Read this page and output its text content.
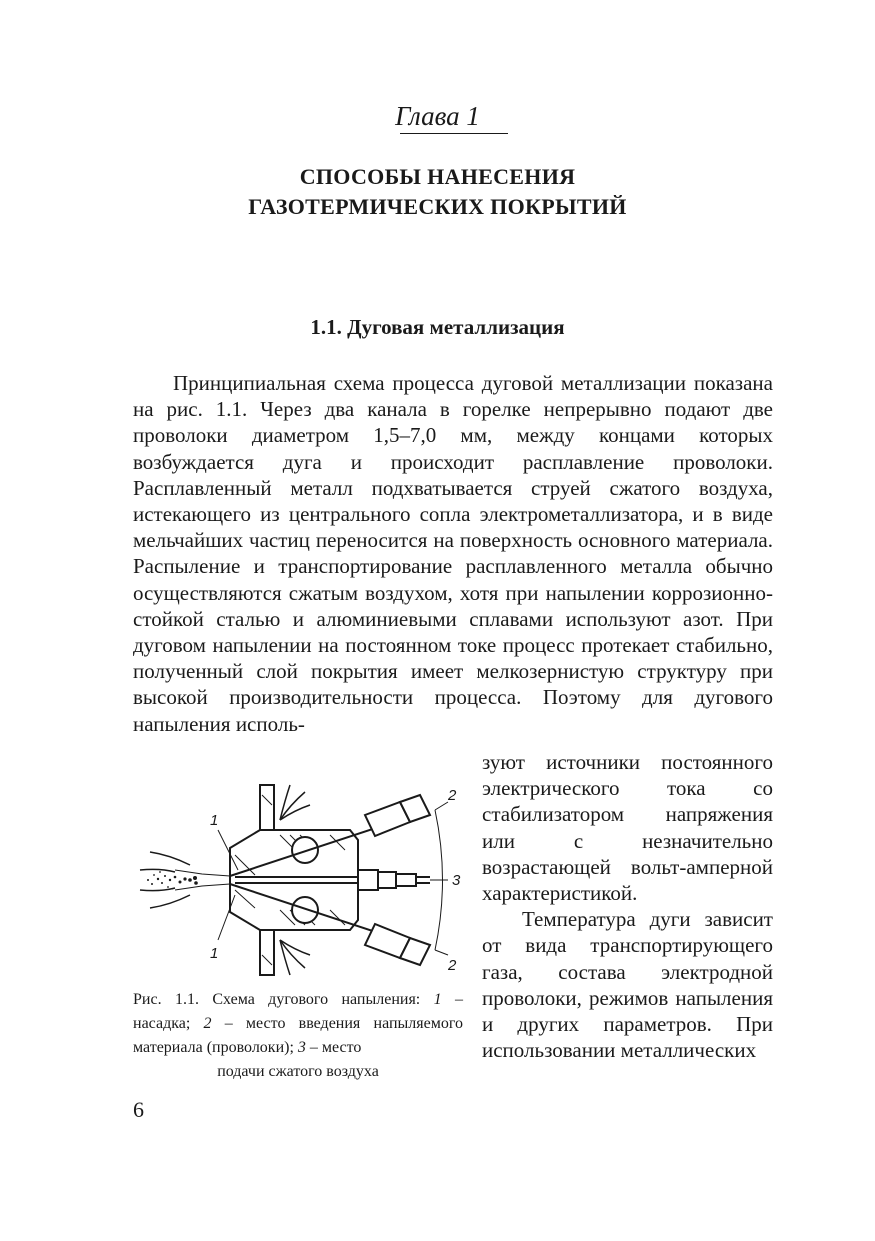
Глава 1
СПОСОБЫ НАНЕСЕНИЯ
ГАЗОТЕРМИЧЕСКИХ ПОКРЫТИЙ
1.1. Дуговая металлизация

Принципиальная схема процесса дуговой металлизации показана на рис. 1.1. Через два канала в горелке непрерывно подают две проволоки диаметром 1,5–7,0 мм, между концами которых возбуждается дуга и происходит расплавление проволоки. Расплавленный металл подхватывается струей сжатого воздуха, истекающего из центрального сопла электрометаллизатора, и в виде мельчайших частиц переносится на поверхность основного материала. Распыление и транспортирование расплавленного металла обычно осуществляются сжатым воздухом, хотя при напылении коррозионно-стойкой сталью и алюминиевыми сплавами используют азот. При дуговом напылении на постоянном токе процесс протекает стабильно, полученный слой покрытия имеет мелкозернистую структуру при высокой производительности процесса. Поэтому для дугового напыления исполь-

1
1
2
2
3
Рис. 1.1. Схема дугового напыления: 1 – насадка; 2 – место введения напыляемого материала (проволоки); 3 – место
подачи сжатого воздуха

зуют источники постоянного электрического тока со стабилизатором напряжения или с незначительно возрастающей вольт-амперной характеристикой.

Температура дуги зависит от вида транспортирующего газа, состава электродной проволоки, режимов напыления и других параметров. При использовании металлических

6
